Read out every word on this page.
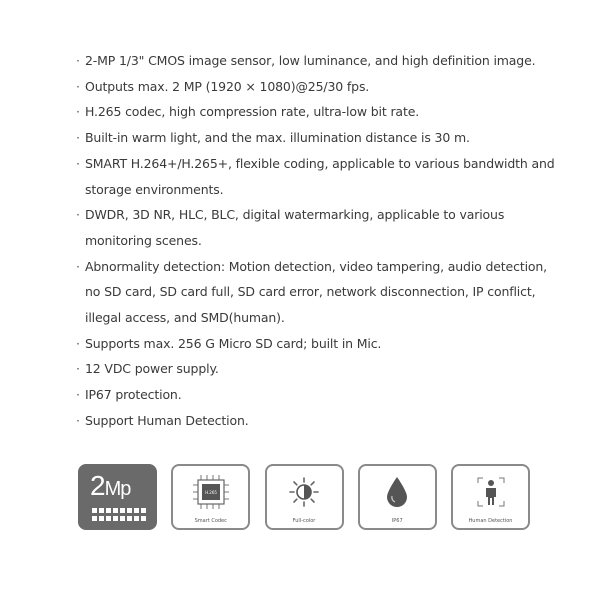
· 2-MP 1/3" CMOS image sensor, low luminance, and high definition image.
· Outputs max. 2 MP (1920 × 1080)@25/30 fps.
· H.265 codec, high compression rate, ultra-low bit rate.
· Built-in warm light, and the max. illumination distance is 30 m.
· SMART H.264+/H.265+, flexible coding, applicable to various bandwidth and storage environments.
· DWDR, 3D NR, HLC, BLC, digital watermarking, applicable to various monitoring scenes.
· Abnormality detection: Motion detection, video tampering, audio detection, no SD card, SD card full, SD card error, network disconnection, IP conflict, illegal access, and SMD(human).
· Supports max. 256 G Micro SD card; built in Mic.
· 12 VDC power supply.
· IP67 protection.
· Support Human Detection.
2Mp	H.265
Smart Codec	Full-color	IP67	Human Detection
